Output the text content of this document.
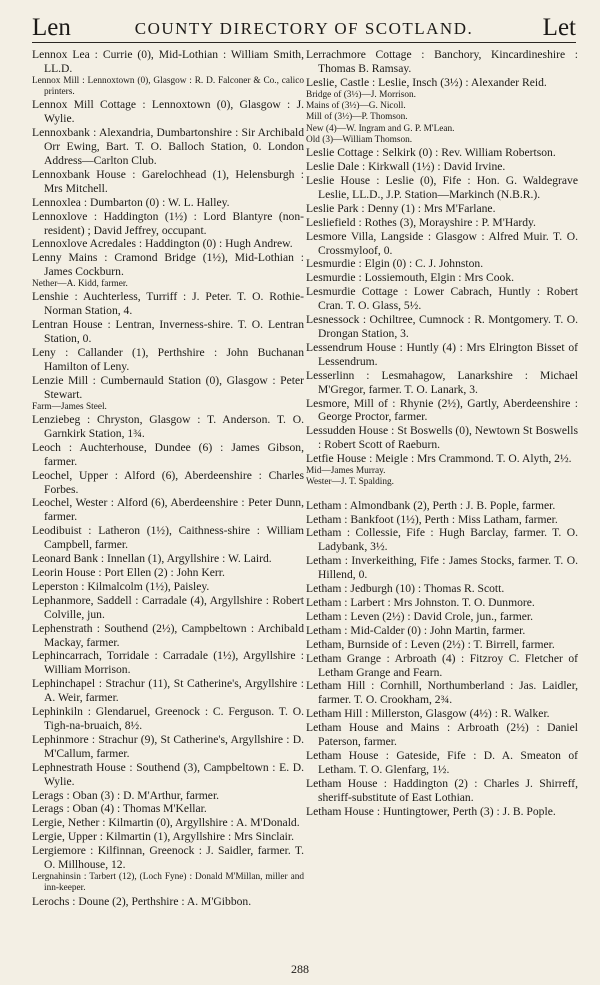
Len	COUNTY DIRECTORY OF SCOTLAND.	Let

Lennox Lea : Currie (0), Mid-Lothian : William Smith, LL.D.

Lennox Mill : Lennoxtown (0), Glasgow : R. D. Falconer & Co., calico printers.

Lennox Mill Cottage : Lennoxtown (0), Glasgow : J. Wylie.

Lennoxbank : Alexandria, Dumbartonshire : Sir Archibald Orr Ewing, Bart. T. O. Balloch Station, 0. London Address—Carlton Club.

Lennoxbank House : Garelochhead (1), Helensburgh : Mrs Mitchell.

Lennoxlea : Dumbarton (0) : W. L. Halley.

Lennoxlove : Haddington (1½) : Lord Blantyre (non-resident) ; David Jeffrey, occupant.

Lennoxlove Acredales : Haddington (0) : Hugh Andrew.

Lenny Mains : Cramond Bridge (1½), Mid-Lothian : James Cockburn.

Nether—A. Kidd, farmer.

Lenshie : Auchterless, Turriff : J. Peter. T. O. Rothie-Norman Station, 4.

Lentran House : Lentran, Inverness-shire. T. O. Lentran Station, 0.

Leny : Callander (1), Perthshire : John Buchanan Hamilton of Leny.

Lenzie Mill : Cumbernauld Station (0), Glasgow : Peter Stewart.

Farm—James Steel.

Lenziebeg : Chryston, Glasgow : T. Anderson. T. O. Garnkirk Station, 1¾.

Leoch : Auchterhouse, Dundee (6) : James Gibson, farmer.

Leochel, Upper : Alford (6), Aberdeenshire : Charles Forbes.

Leochel, Wester : Alford (6), Aberdeenshire : Peter Dunn, farmer.

Leodibuist : Latheron (1½), Caithness-shire : William Campbell, farmer.

Leonard Bank : Innellan (1), Argyllshire : W. Laird.

Leorin House : Port Ellen (2) : John Kerr.

Leperston : Kilmalcolm (1½), Paisley.

Lephanmore, Saddell : Carradale (4), Argyllshire : Robert Colville, jun.

Lephenstrath : Southend (2½), Campbeltown : Archibald Mackay, farmer.

Lephincarrach, Torridale : Carradale (1½), Argyllshire : William Morrison.

Lephinchapel : Strachur (11), St Catherine's, Argyllshire : A. Weir, farmer.

Lephinkiln : Glendaruel, Greenock : C. Ferguson. T. O. Tigh-na-bruaich, 8½.

Lephinmore : Strachur (9), St Catherine's, Argyllshire : D. M'Callum, farmer.

Lephnestrath House : Southend (3), Campbeltown : E. D. Wylie.

Lerags : Oban (3) : D. M'Arthur, farmer.

Lerags : Oban (4) : Thomas M'Kellar.

Lergie, Nether : Kilmartin (0), Argyllshire : A. M'Donald.

Lergie, Upper : Kilmartin (1), Argyllshire : Mrs Sinclair.

Lergiemore : Kilfinnan, Greenock : J. Saidler, farmer. T. O. Millhouse, 12.

Lergnahinsin : Tarbert (12), (Loch Fyne) : Donald M'Millan, miller and inn-keeper.

Lerochs : Doune (2), Perthshire : A. M'Gibbon.

Lerrachmore Cottage : Banchory, Kincardineshire : Thomas B. Ramsay.

Leslie, Castle : Leslie, Insch (3½) : Alexander Reid.

Bridge of (3½)—J. Morrison.

Mains of (3½)—G. Nicoll.

Mill of (3½)—P. Thomson.

New (4)—W. Ingram and G. P. M'Lean.

Old (3)—William Thomson.

Leslie Cottage : Selkirk (0) : Rev. William Robertson.

Leslie Dale : Kirkwall (1½) : David Irvine.

Leslie House : Leslie (0), Fife : Hon. G. Waldegrave Leslie, LL.D., J.P. Station—Markinch (N.B.R.).

Leslie Park : Denny (1) : Mrs M'Farlane.

Lesliefield : Rothes (3), Morayshire : P. M'Hardy.

Lesmore Villa, Langside : Glasgow : Alfred Muir. T. O. Crossmyloof, 0.

Lesmurdie : Elgin (0) : C. J. Johnston.

Lesmurdie : Lossiemouth, Elgin : Mrs Cook.

Lesmurdie Cottage : Lower Cabrach, Huntly : Robert Cran. T. O. Glass, 5½.

Lesnessock : Ochiltree, Cumnock : R. Montgomery. T. O. Drongan Station, 3.

Lessendrum House : Huntly (4) : Mrs Elrington Bisset of Lessendrum.

Lesserlinn : Lesmahagow, Lanarkshire : Michael M'Gregor, farmer. T. O. Lanark, 3.

Lesmore, Mill of : Rhynie (2½), Gartly, Aberdeenshire : George Proctor, farmer.

Lessudden House : St Boswells (0), Newtown St Boswells : Robert Scott of Raeburn.

Letfie House : Meigle : Mrs Crammond. T. O. Alyth, 2½.

Mid—James Murray.

Wester—J. T. Spalding.

Letham : Almondbank (2), Perth : J. B. Pople, farmer.

Letham : Bankfoot (1½), Perth : Miss Latham, farmer.

Letham : Collessie, Fife : Hugh Barclay, farmer. T. O. Ladybank, 3½.

Letham : Inverkeithing, Fife : James Stocks, farmer. T. O. Hillend, 0.

Letham : Jedburgh (10) : Thomas R. Scott.

Letham : Larbert : Mrs Johnston. T. O. Dunmore.

Letham : Leven (2½) : David Crole, jun., farmer.

Letham : Mid-Calder (0) : John Martin, farmer.

Letham, Burnside of : Leven (2½) : T. Birrell, farmer.

Letham Grange : Arbroath (4) : Fitzroy C. Fletcher of Letham Grange and Fearn.

Letham Hill : Cornhill, Northumberland : Jas. Laidler, farmer. T. O. Crookham, 2¾.

Letham Hill : Millerston, Glasgow (4½) : R. Walker.

Letham House and Mains : Arbroath (2½) : Daniel Paterson, farmer.

Letham House : Gateside, Fife : D. A. Smeaton of Letham. T. O. Glenfarg, 1½.

Letham House : Haddington (2) : Charles J. Shirreff, sheriff-substitute of East Lothian.

Letham House : Huntingtower, Perth (3) : J. B. Pople.

288
